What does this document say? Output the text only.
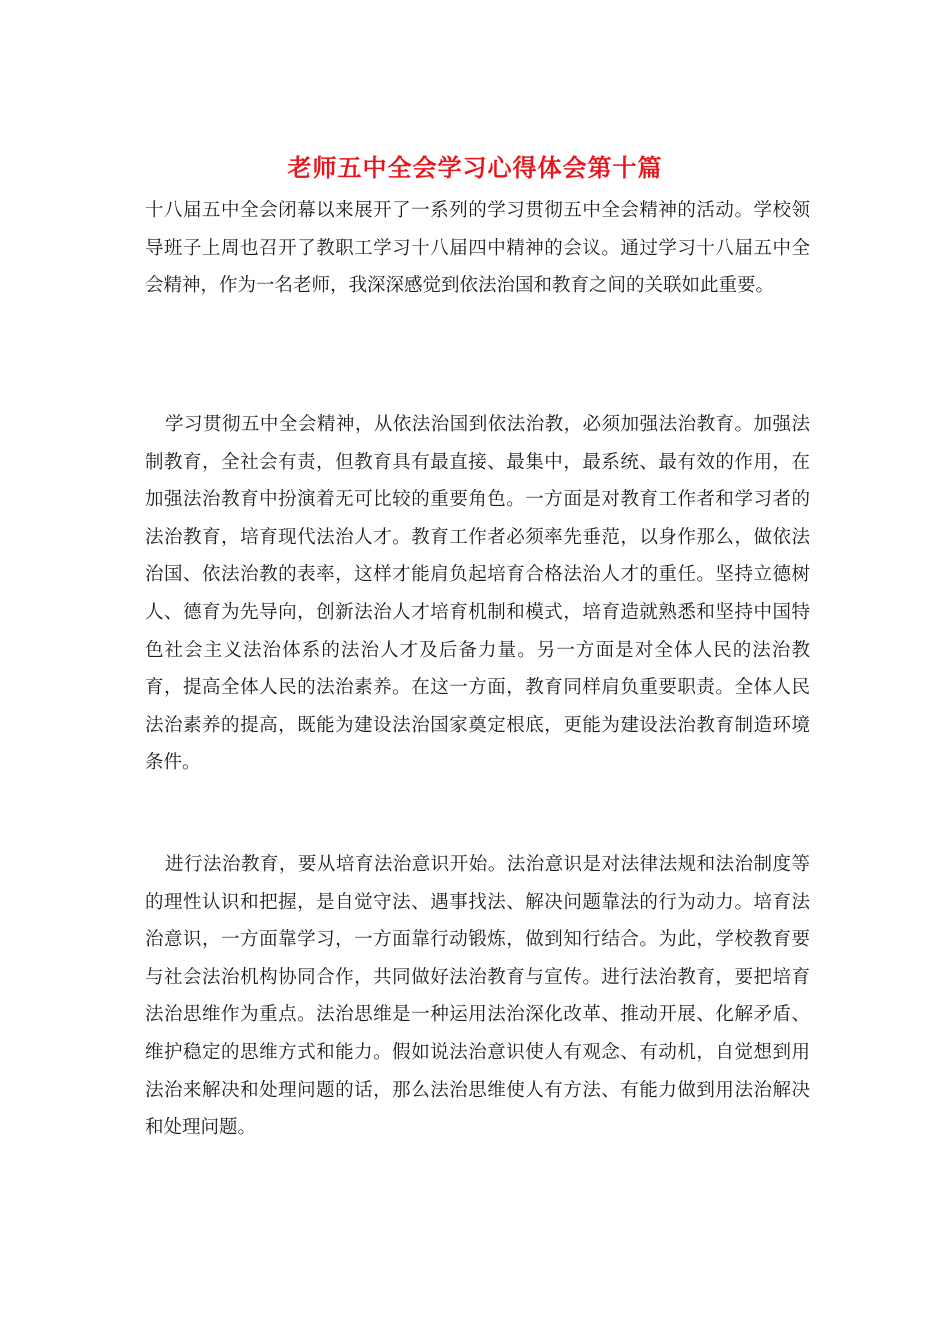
老师五中全会学习心得体会第十篇

十八届五中全会闭幕以来展开了一系列的学习贯彻五中全会精神的活动。学校领导班子上周也召开了教职工学习十八届四中精神的会议。通过学习十八届五中全会精神，作为一名老师，我深深感觉到依法治国和教育之间的关联如此重要。

学习贯彻五中全会精神，从依法治国到依法治教，必须加强法治教育。加强法制教育，全社会有责，但教育具有最直接、最集中，最系统、最有效的作用，在加强法治教育中扮演着无可比较的重要角色。一方面是对教育工作者和学习者的法治教育，培育现代法治人才。教育工作者必须率先垂范，以身作那么，做依法治国、依法治教的表率，这样才能肩负起培育合格法治人才的重任。坚持立德树人、德育为先导向，创新法治人才培育机制和模式，培育造就熟悉和坚持中国特色社会主义法治体系的法治人才及后备力量。另一方面是对全体人民的法治教育，提高全体人民的法治素养。在这一方面，教育同样肩负重要职责。全体人民法治素养的提高，既能为建设法治国家奠定根底，更能为建设法治教育制造环境条件。

进行法治教育，要从培育法治意识开始。法治意识是对法律法规和法治制度等的理性认识和把握，是自觉守法、遇事找法、解决问题靠法的行为动力。培育法治意识，一方面靠学习，一方面靠行动锻炼，做到知行结合。为此，学校教育要与社会法治机构协同合作，共同做好法治教育与宣传。进行法治教育，要把培育法治思维作为重点。法治思维是一种运用法治深化改革、推动开展、化解矛盾、维护稳定的思维方式和能力。假如说法治意识使人有观念、有动机，自觉想到用法治来解决和处理问题的话，那么法治思维使人有方法、有能力做到用法治解决和处理问题。
